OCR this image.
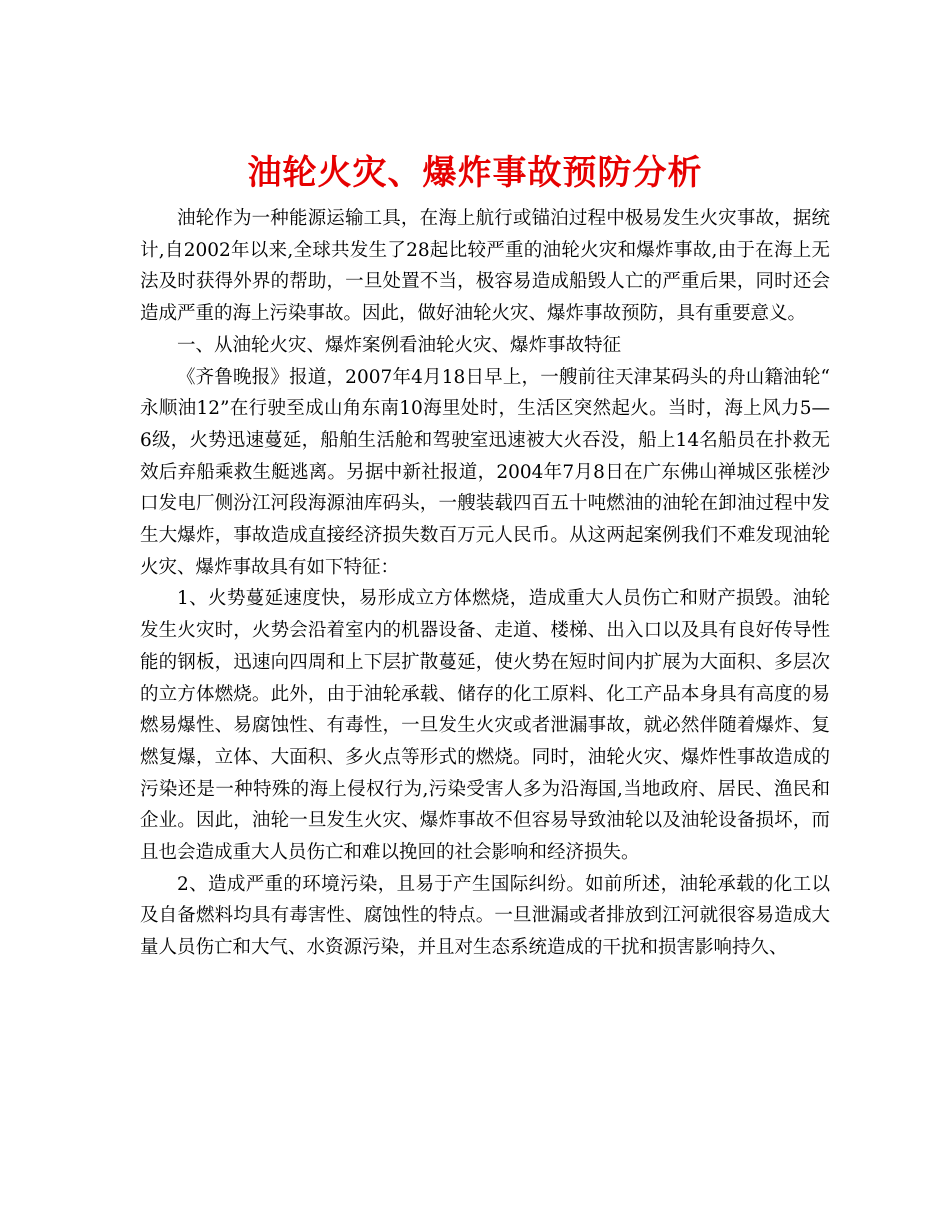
油轮火灾、爆炸事故预防分析

油轮作为一种能源运输工具，在海上航行或锚泊过程中极易发生火灾事故，据统计,自2002年以来,全球共发生了28起比较严重的油轮火灾和爆炸事故,由于在海上无法及时获得外界的帮助，一旦处置不当，极容易造成船毁人亡的严重后果，同时还会造成严重的海上污染事故。因此，做好油轮火灾、爆炸事故预防，具有重要意义。

一、从油轮火灾、爆炸案例看油轮火灾、爆炸事故特征

《齐鲁晚报》报道，2007年4月18日早上，一艘前往天津某码头的舟山籍油轮“永顺油12”在行驶至成山角东南10海里处时，生活区突然起火。当时，海上风力5—6级，火势迅速蔓延，船舶生活舱和驾驶室迅速被大火吞没，船上14名船员在扑救无效后弃船乘救生艇逃离。另据中新社报道，2004年7月8日在广东佛山禅城区张槎沙口发电厂侧汾江河段海源油库码头，一艘装载四百五十吨燃油的油轮在卸油过程中发生大爆炸，事故造成直接经济损失数百万元人民币。从这两起案例我们不难发现油轮火灾、爆炸事故具有如下特征：

1、火势蔓延速度快，易形成立方体燃烧，造成重大人员伤亡和财产损毁。油轮发生火灾时，火势会沿着室内的机器设备、走道、楼梯、出入口以及具有良好传导性能的钢板，迅速向四周和上下层扩散蔓延，使火势在短时间内扩展为大面积、多层次的立方体燃烧。此外，由于油轮承载、储存的化工原料、化工产品本身具有高度的易燃易爆性、易腐蚀性、有毒性，一旦发生火灾或者泄漏事故，就必然伴随着爆炸、复燃复爆，立体、大面积、多火点等形式的燃烧。同时，油轮火灾、爆炸性事故造成的污染还是一种特殊的海上侵权行为,污染受害人多为沿海国,当地政府、居民、渔民和企业。因此，油轮一旦发生火灾、爆炸事故不但容易导致油轮以及油轮设备损坏，而且也会造成重大人员伤亡和难以挽回的社会影响和经济损失。

2、造成严重的环境污染，且易于产生国际纠纷。如前所述，油轮承载的化工以及自备燃料均具有毒害性、腐蚀性的特点。一旦泄漏或者排放到江河就很容易造成大量人员伤亡和大气、水资源污染，并且对生态系统造成的干扰和损害影响持久、
